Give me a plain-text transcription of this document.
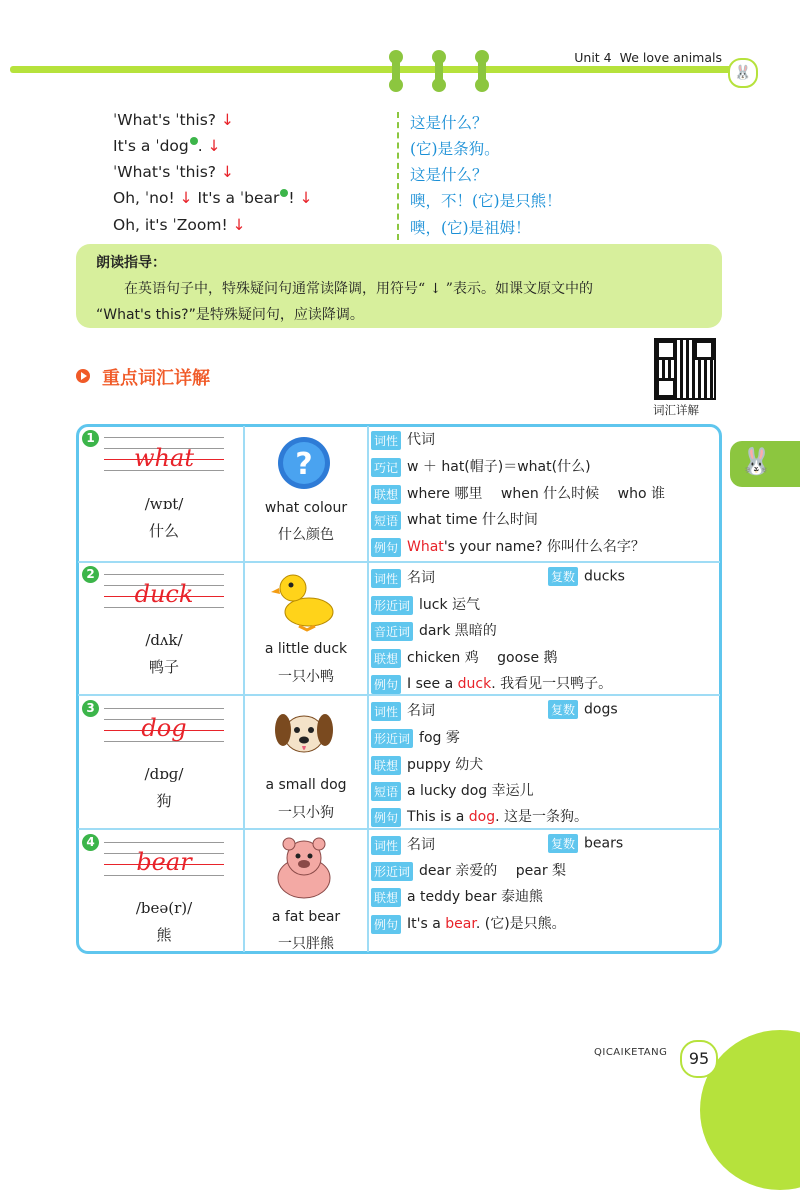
Unit 4 We love animals
🐰
ˈWhat's ˈthis? ↓	这是什么？
It's a ˈdog . ↓	(它)是条狗。
ˈWhat's ˈthis? ↓	这是什么？
Oh, ˈno! ↓ It's a ˈbear ! ↓	噢，不！(它)是只熊！
Oh, it's ˈZoom! ↓	噢，(它)是祖姆！
朗读指导：
在英语句子中，特殊疑问句通常读降调，用符号“ ↓ ”表示。如课文原文中的
“What's this?”是特殊疑问句，应读降调。
重点词汇详解
词汇详解
🐰
1
what
/wɒt/
什么
?
what colour
什么颜色
词性 代词
巧记 w ＋ hat(帽子)＝what(什么)
联想 where 哪里　 when 什么时候　 who 谁
短语 what time 什么时间
例句 What's your name? 你叫什么名字？
2
duck
/dʌk/
鸭子
a little duck
一只小鸭
词性 名词	复数 ducks
形近词 luck 运气
音近词 dark 黑暗的
联想 chicken 鸡　 goose 鹅
例句 I see a duck. 我看见一只鸭子。
3
dog
/dɒɡ/
狗
a small dog
一只小狗
词性 名词	复数 dogs
形近词 fog 雾
联想 puppy 幼犬
短语 a lucky dog 幸运儿
例句 This is a dog. 这是一条狗。
4
bear
/beə(r)/
熊
a fat bear
一只胖熊
词性 名词	复数 bears
形近词 dear 亲爱的　 pear 梨
联想 a teddy bear 泰迪熊
例句 It's a bear. (它)是只熊。
QICAIKETANG	95
